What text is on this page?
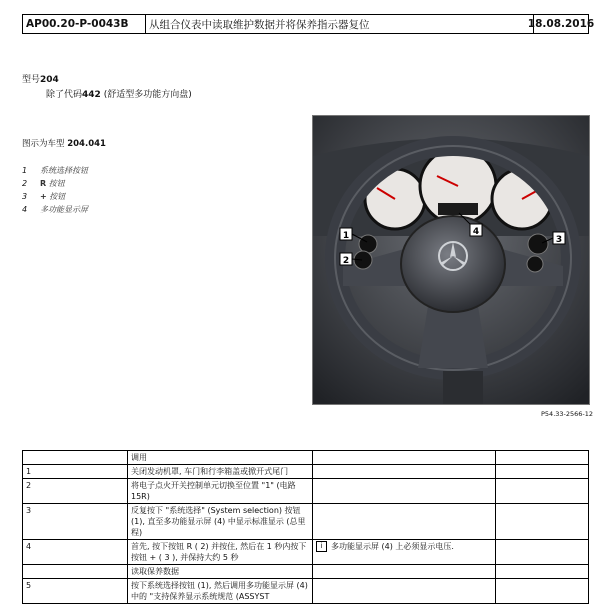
AP00.20-P-0043B	从组合仪表中读取维护数据并将保养指示器复位	18.08.2016
型号204
除了代码442 (舒适型多功能方向盘)
图示为车型 204.041
1	系统选择按钮
2	R 按钮
3	+ 按钮
4	多功能显示屏
1
2
3
4
P54.33-2566-12
	调用		
1	关闭发动机罩, 车门和行李箱盖或掀开式尾门		
2	将电子点火开关控制单元切换至位置 "1" (电路 15R)		
3	反复按下 "系统选择" (System selection) 按钮 (1), 直至多功能显示屏 (4) 中显示标准显示 (总里程)		
4	首先, 按下按钮 R ( 2) 并按住, 然后在 1 秒内按下按钮 + ( 3 ), 并保持大约 5 秒	i 多功能显示屏 (4) 上必须显示电压.	
	读取保养数据		
5	按下系统选择按钮 (1), 然后调用多功能显示屏 (4) 中的 "支持保养显示系统规范 (ASSYST		
